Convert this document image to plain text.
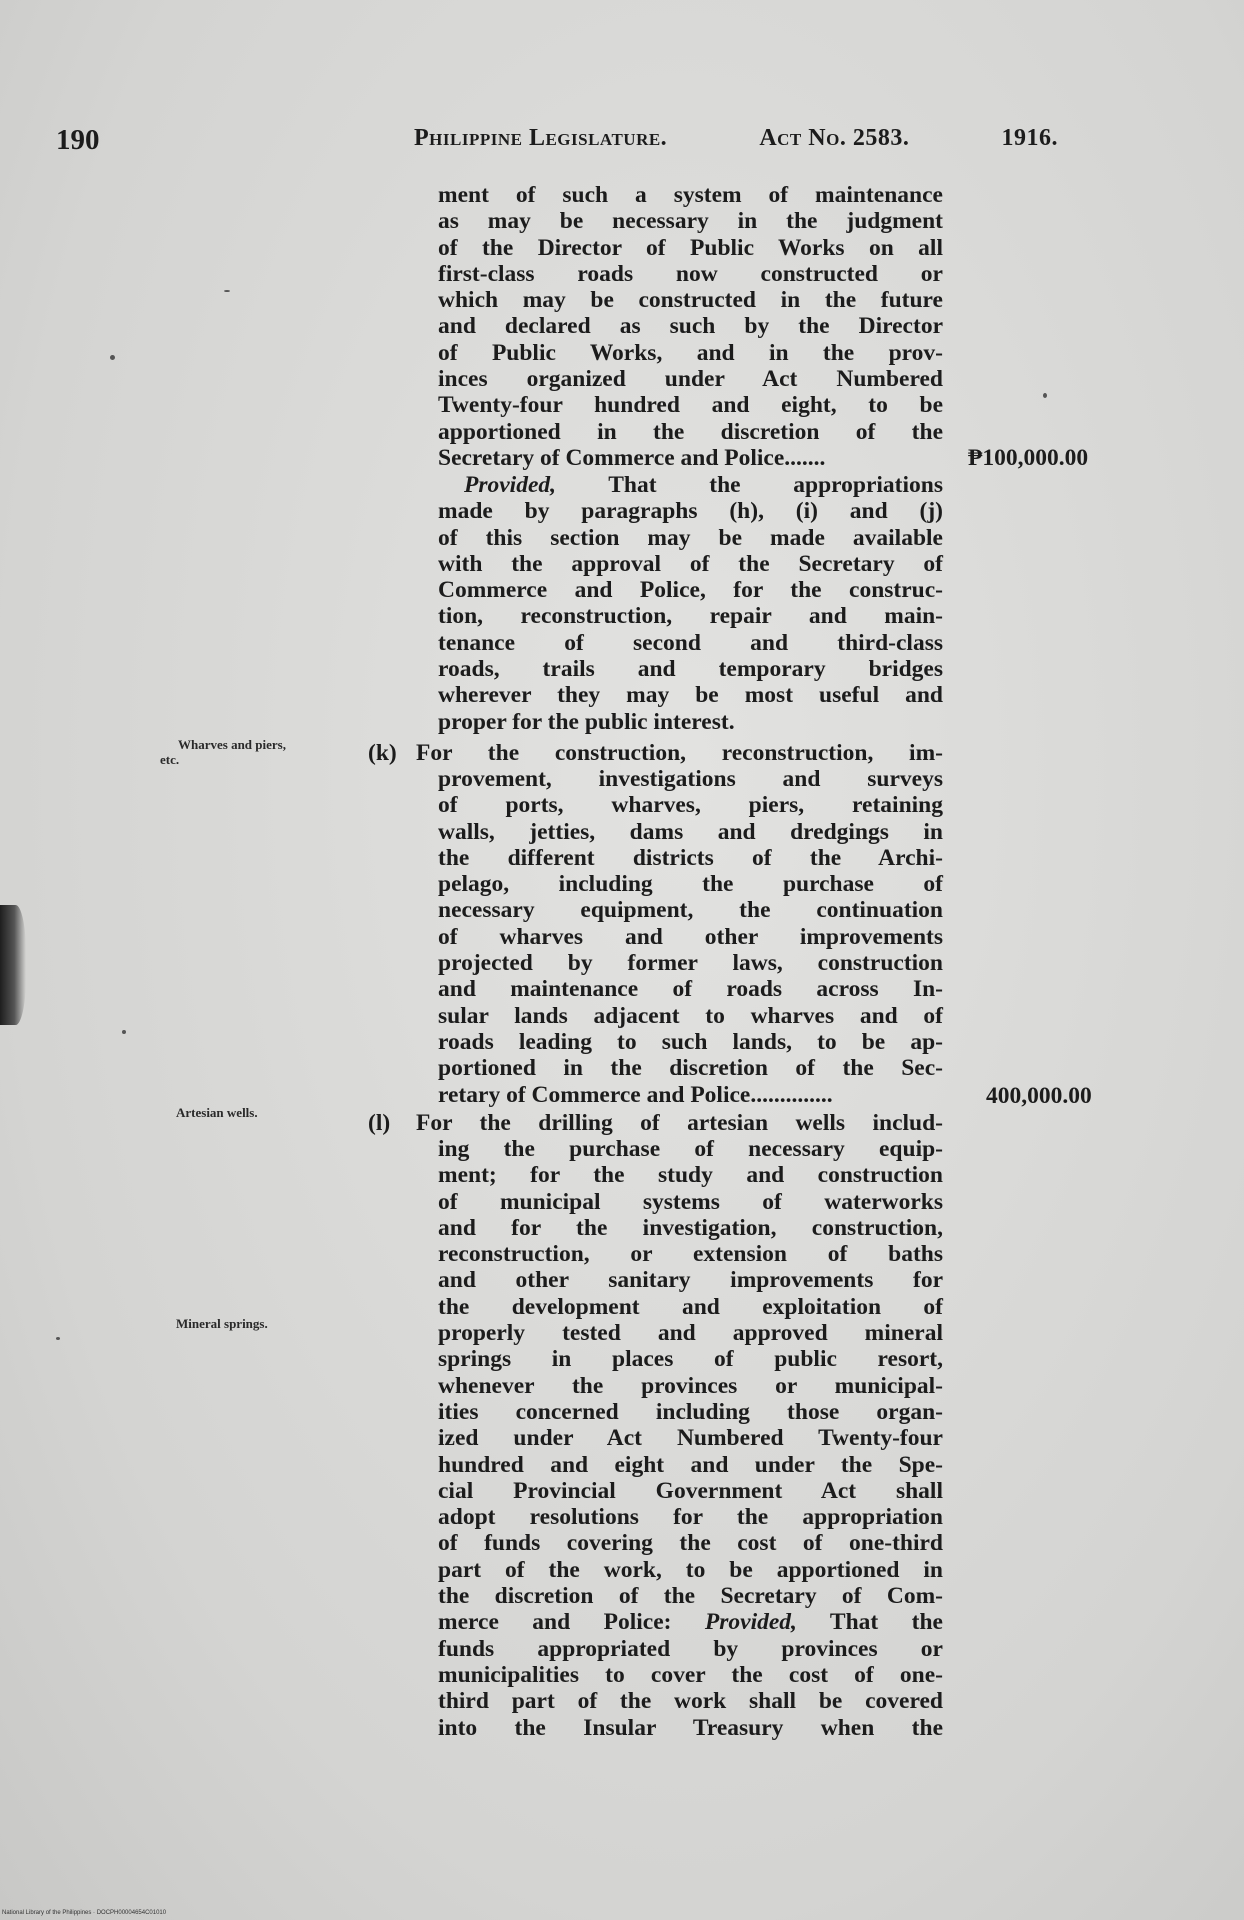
190	Philippine Legislature.	Act No. 2583.	1916.
ment of such a system of maintenance
as may be necessary in the judgment
of the Director of Public Works on all
first-class roads now constructed or
which may be constructed in the future
and declared as such by the Director
of Public Works, and in the prov-
inces organized under Act Numbered
Twenty-four hundred and eight, to be
apportioned in the discretion of the
Secretary of Commerce and Police.......	₱100,000.00
Provided, That the appropriations
made by paragraphs (h), (i) and (j)
of this section may be made available
with the approval of the Secretary of
Commerce and Police, for the construc-
tion, reconstruction, repair and main-
tenance of second and third-class
roads, trails and temporary bridges
wherever they may be most useful and
proper for the public interest.
Wharves and piers,
etc.	(k) For the construction, reconstruction, im-
provement, investigations and surveys
of ports, wharves, piers, retaining
walls, jetties, dams and dredgings in
the different districts of the Archi-
pelago, including the purchase of
necessary equipment, the continuation
of wharves and other improvements
projected by former laws, construction
and maintenance of roads across In-
sular lands adjacent to wharves and of
roads leading to such lands, to be ap-
portioned in the discretion of the Sec-
retary of Commerce and Police..............	400,000.00
Artesian wells.
Mineral springs.
(l) For the drilling of artesian wells includ-
ing the purchase of necessary equip-
ment; for the study and construction
of municipal systems of waterworks
and for the investigation, construction,
reconstruction, or extension of baths
and other sanitary improvements for
the development and exploitation of
properly tested and approved mineral
springs in places of public resort,
whenever the provinces or municipal-
ities concerned including those organ-
ized under Act Numbered Twenty-four
hundred and eight and under the Spe-
cial Provincial Government Act shall
adopt resolutions for the appropriation
of funds covering the cost of one-third
part of the work, to be apportioned in
the discretion of the Secretary of Com-
merce and Police: Provided, That the
funds appropriated by provinces or
municipalities to cover the cost of one-
third part of the work shall be covered
into the Insular Treasury when the
National Library of the Philippines · DOCPH00004654C01010
